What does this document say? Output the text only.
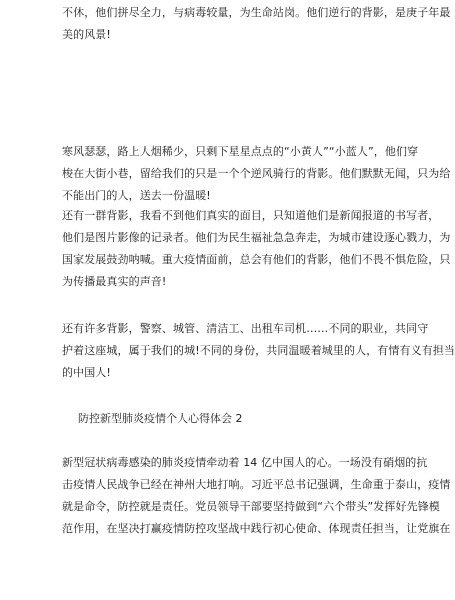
不休，他们拼尽全力，与病毒较量，为生命站岗。他们逆行的背影，是庚子年最
美的风景!

寒风瑟瑟，路上人烟稀少，只剩下星星点点的“小黄人”“小蓝人”，他们穿
梭在大街小巷，留给我们的只是一个个逆风骑行的背影。他们默默无闻，只为给
不能出门的人，送去一份温暖!

还有一群背影，我看不到他们真实的面目，只知道他们是新闻报道的书写者，
他们是图片影像的记录者。他们为民生福祉急急奔走，为城市建设逐心戮力，为
国家发展鼓劲呐喊。重大疫情面前，总会有他们的背影，他们不畏不惧危险，只
为传播最真实的声音!

还有许多背影，警察、城管、清洁工、出租车司机……不同的职业，共同守
护着这座城，属于我们的城!不同的身份，共同温暖着城里的人，有情有义有担当
的中国人!

防控新型肺炎疫情个人心得体会 2

新型冠状病毒感染的肺炎疫情牵动着 14 亿中国人的心。一场没有硝烟的抗
击疫情人民战争已经在神州大地打响。习近平总书记强调，生命重于泰山，疫情
就是命令，防控就是责任。党员领导干部要坚持做到“六个带头”发挥好先锋模
范作用，在坚决打赢疫情防控攻坚战中践行初心使命、体现责任担当，让党旗在
